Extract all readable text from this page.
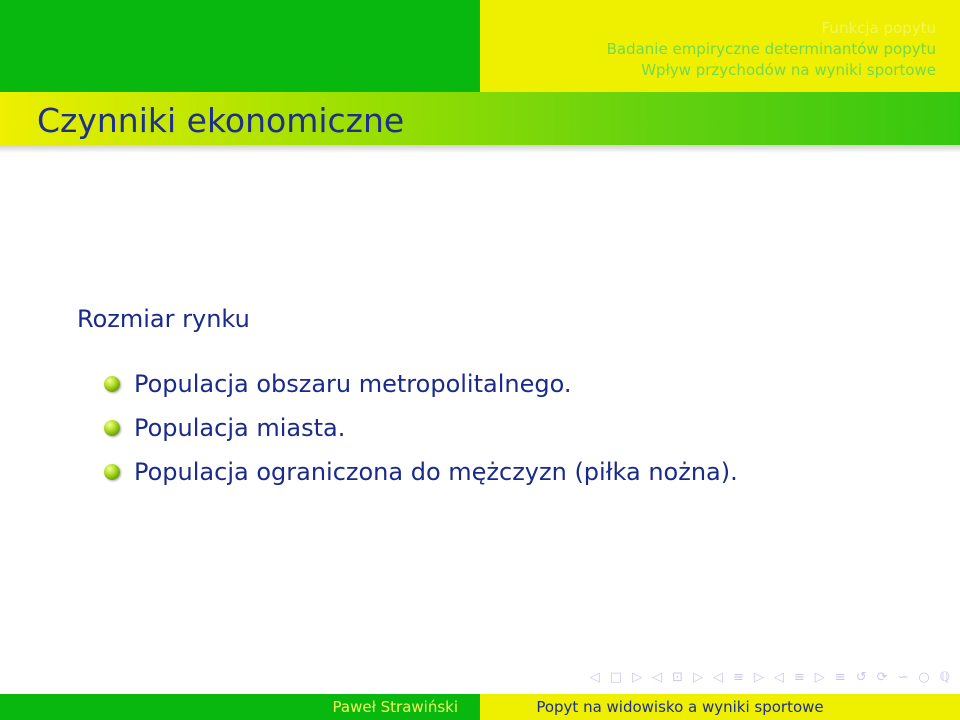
Funkcja popytu
Badanie empiryczne determinantów popytu
Wpływ przychodów na wyniki sportowe
Czynniki ekonomiczne
Rozmiar rynku
Populacja obszaru metropolitalnego.
Populacja miasta.
Populacja ograniczona do mężczyzn (piłka nożna).
◁ □ ▷ ◁ ⊡ ▷ ◁ ≡ ▷ ◁ ≡ ▷ ≡ ↺ ⟳ ∽ ○ ℚ
Paweł Strawiński	Popyt na widowisko a wyniki sportowe
